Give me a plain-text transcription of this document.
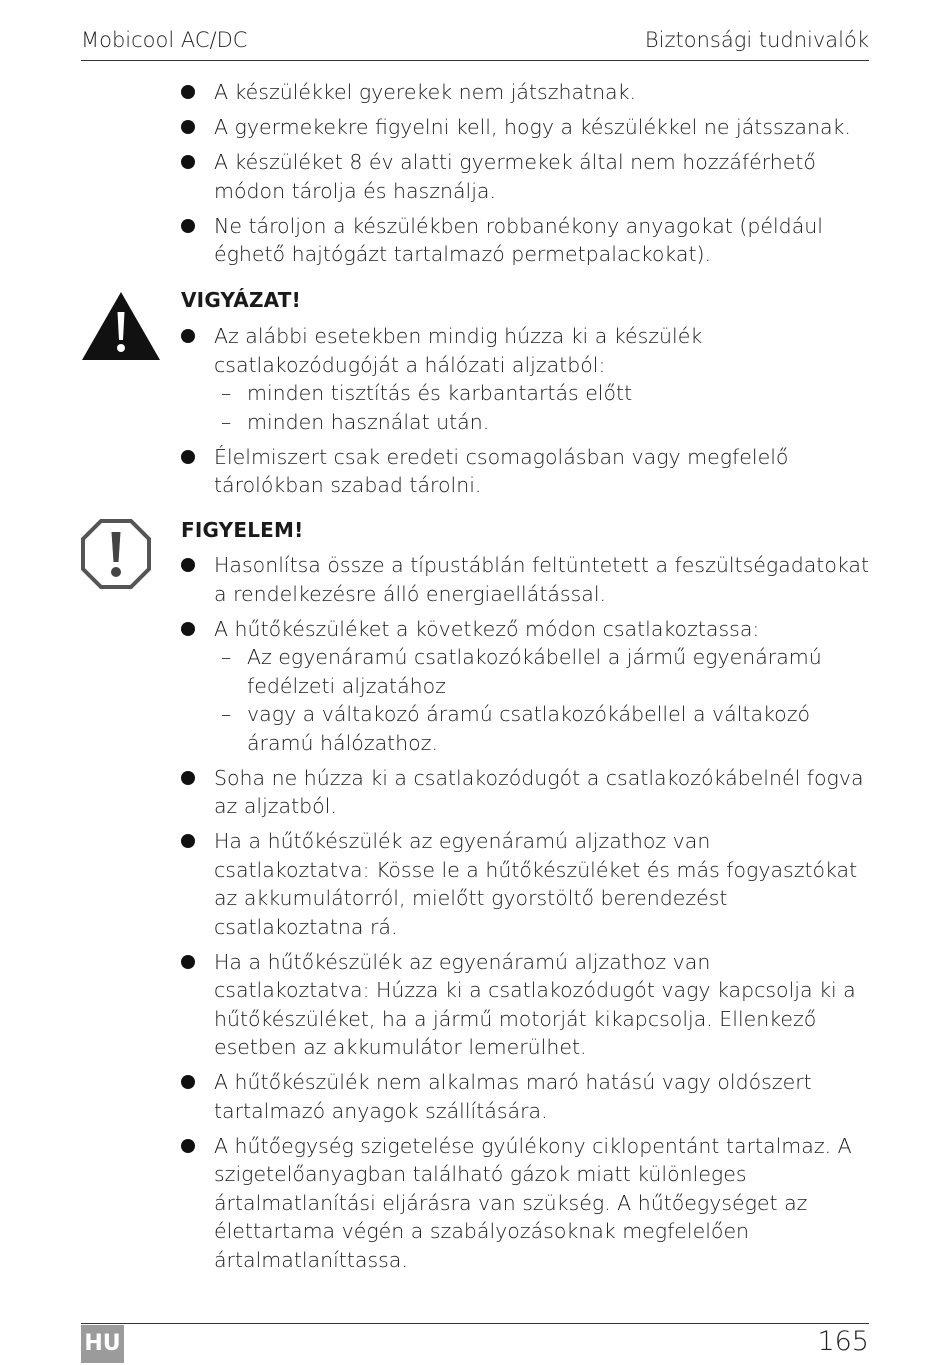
Mobicool AC/DC	Biztonsági tudnivalók
A készülékkel gyerekek nem játszhatnak.
A gyermekekre figyelni kell, hogy a készülékkel ne játsszanak.
A készüléket 8 év alatti gyermekek által nem hozzáférhető módon tárolja és használja.
Ne tároljon a készülékben robbanékony anyagokat (például éghető hajtógázt tartalmazó permetpalackokat).
VIGYÁZAT!
Az alábbi esetekben mindig húzza ki a készülék csatlakozódugóját a hálózati aljzatból:
– minden tisztítás és karbantartás előtt
– minden használat után.
Élelmiszert csak eredeti csomagolásban vagy megfelelő tárolókban szabad tárolni.
FIGYELEM!
Hasonlítsa össze a típustáblán feltüntetett a feszültségadatokat a rendelkezésre álló energiaellátással.
A hűtőkészüléket a következő módon csatlakoztassa:
– Az egyenáramú csatlakozókábellel a jármű egyenáramú fedélzeti aljzatához
– vagy a váltakozó áramú csatlakozókábellel a váltakozó áramú hálózathoz.
Soha ne húzza ki a csatlakozódugót a csatlakozókábelnél fogva az aljzatból.
Ha a hűtőkészülék az egyenáramú aljzathoz van csatlakoztatva: Kösse le a hűtőkészüléket és más fogyasztókat az akkumulátorról, mielőtt gyorstöltő berendezést csatlakoztatna rá.
Ha a hűtőkészülék az egyenáramú aljzathoz van csatlakoztatva: Húzza ki a csatlakozódugót vagy kapcsolja ki a hűtőkészüléket, ha a jármű motorját kikapcsolja. Ellenkező esetben az akkumulátor lemerülhet.
A hűtőkészülék nem alkalmas maró hatású vagy oldószert tartalmazó anyagok szállítására.
A hűtőegység szigetelése gyúlékony ciklopentánt tartalmaz. A szigetelőanyagban található gázok miatt különleges ártalmatlanítási eljárásra van szükség. A hűtőegységet az élettartama végén a szabályozásoknak megfelelően ártalmatlaníttassa.
HU	165
